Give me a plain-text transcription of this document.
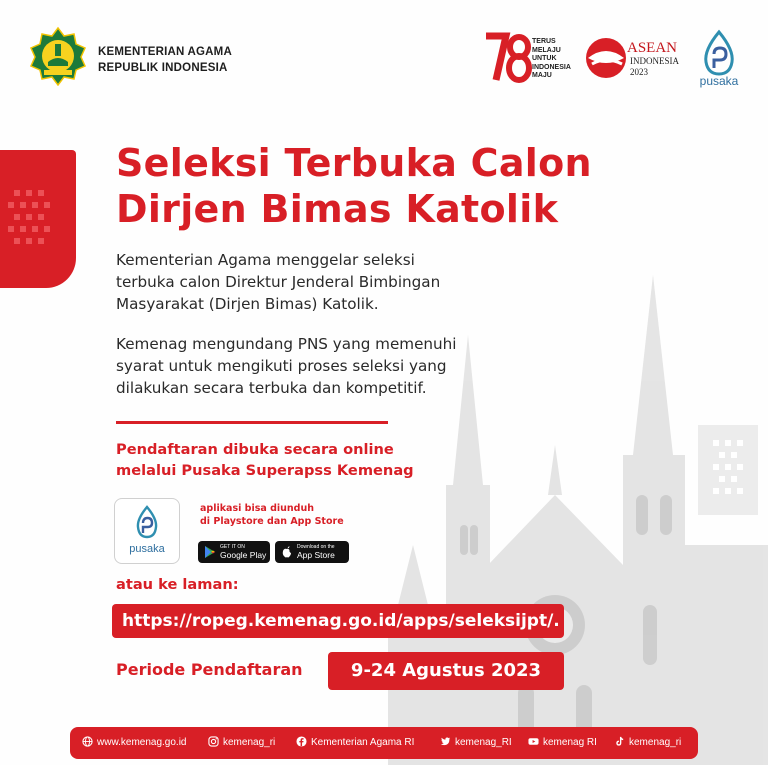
KEMENTERIAN AGAMA
REPUBLIK INDONESIA
TERUS
MELAJU
UNTUK
INDONESIA
MAJU
ASEAN
INDONESIA
2023
pusaka
Seleksi Terbuka Calon
Dirjen Bimas Katolik
Kementerian Agama menggelar seleksi
terbuka calon Direktur Jenderal Bimbingan
Masyarakat (Dirjen Bimas) Katolik.
Kemenag mengundang PNS yang memenuhi
syarat untuk mengikuti proses seleksi yang
dilakukan secara terbuka dan kompetitif.
Pendaftaran dibuka secara online
melalui Pusaka Superapss Kemenag
pusaka
aplikasi bisa diunduh
di Playstore dan App Store
GET IT ON
Google Play
Download on the
App Store
atau ke laman:
https://ropeg.kemenag.go.id/apps/seleksijpt/.
Periode Pendaftaran	9-24 Agustus 2023
www.kemenag.go.id	kemenag_ri	Kementerian Agama RI	kemenag_RI	kemenag RI	kemenag_ri
